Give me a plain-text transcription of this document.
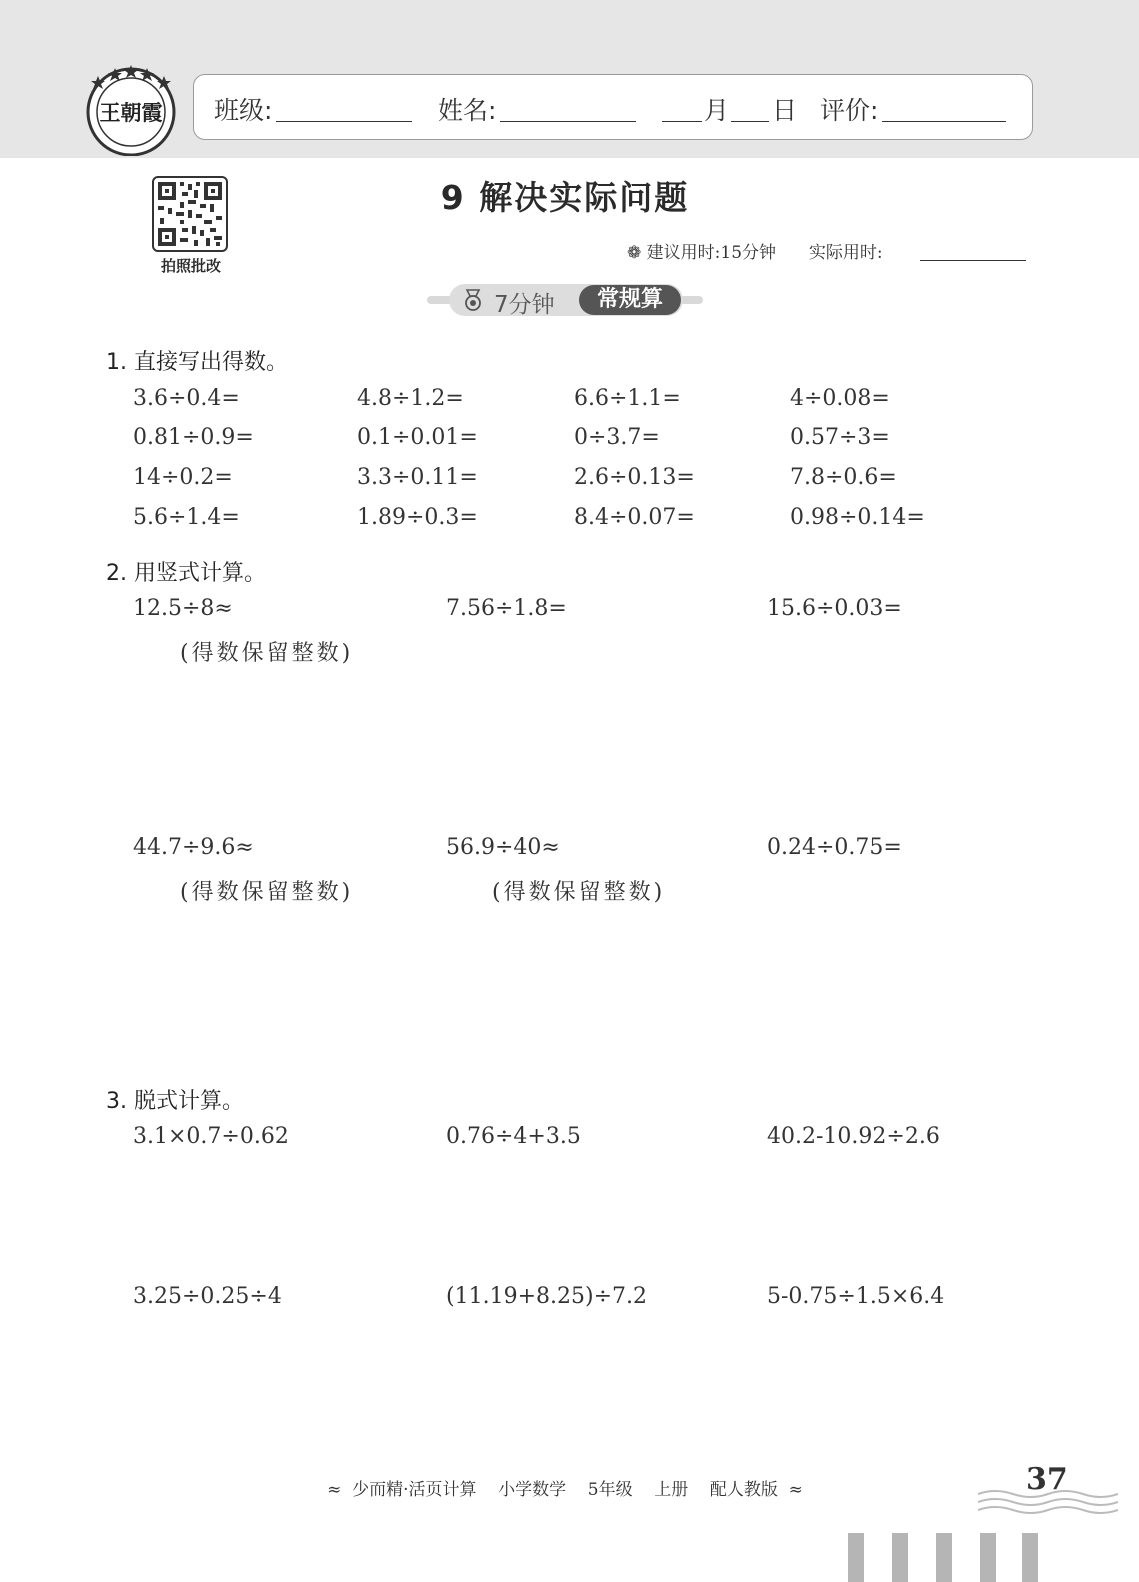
王朝霞 班级:	姓名:	月 日 评价:
拍照批改
9 解决实际问题
❁ 建议用时:15分钟 实际用时:
7分钟	常规算
1. 直接写出得数。
3.6÷0.4=	4.8÷1.2=	6.6÷1.1=	4÷0.08=
0.81÷0.9=	0.1÷0.01=	0÷3.7=	0.57÷3=
14÷0.2=	3.3÷0.11=	2.6÷0.13=	7.8÷0.6=
5.6÷1.4=	1.89÷0.3=	8.4÷0.07=	0.98÷0.14=
2. 用竖式计算。
12.5÷8≈	7.56÷1.8=	15.6÷0.03=
(得数保留整数)
44.7÷9.6≈	56.9÷40≈	0.24÷0.75=
(得数保留整数)	(得数保留整数)
3. 脱式计算。
3.1×0.7÷0.62	0.76÷4+3.5	40.2-10.92÷2.6
3.25÷0.25÷4	(11.19+8.25)÷7.2	5-0.75÷1.5×6.4
≈  少而精·活页计算    小学数学    5年级    上册    配人教版  ≈	37
